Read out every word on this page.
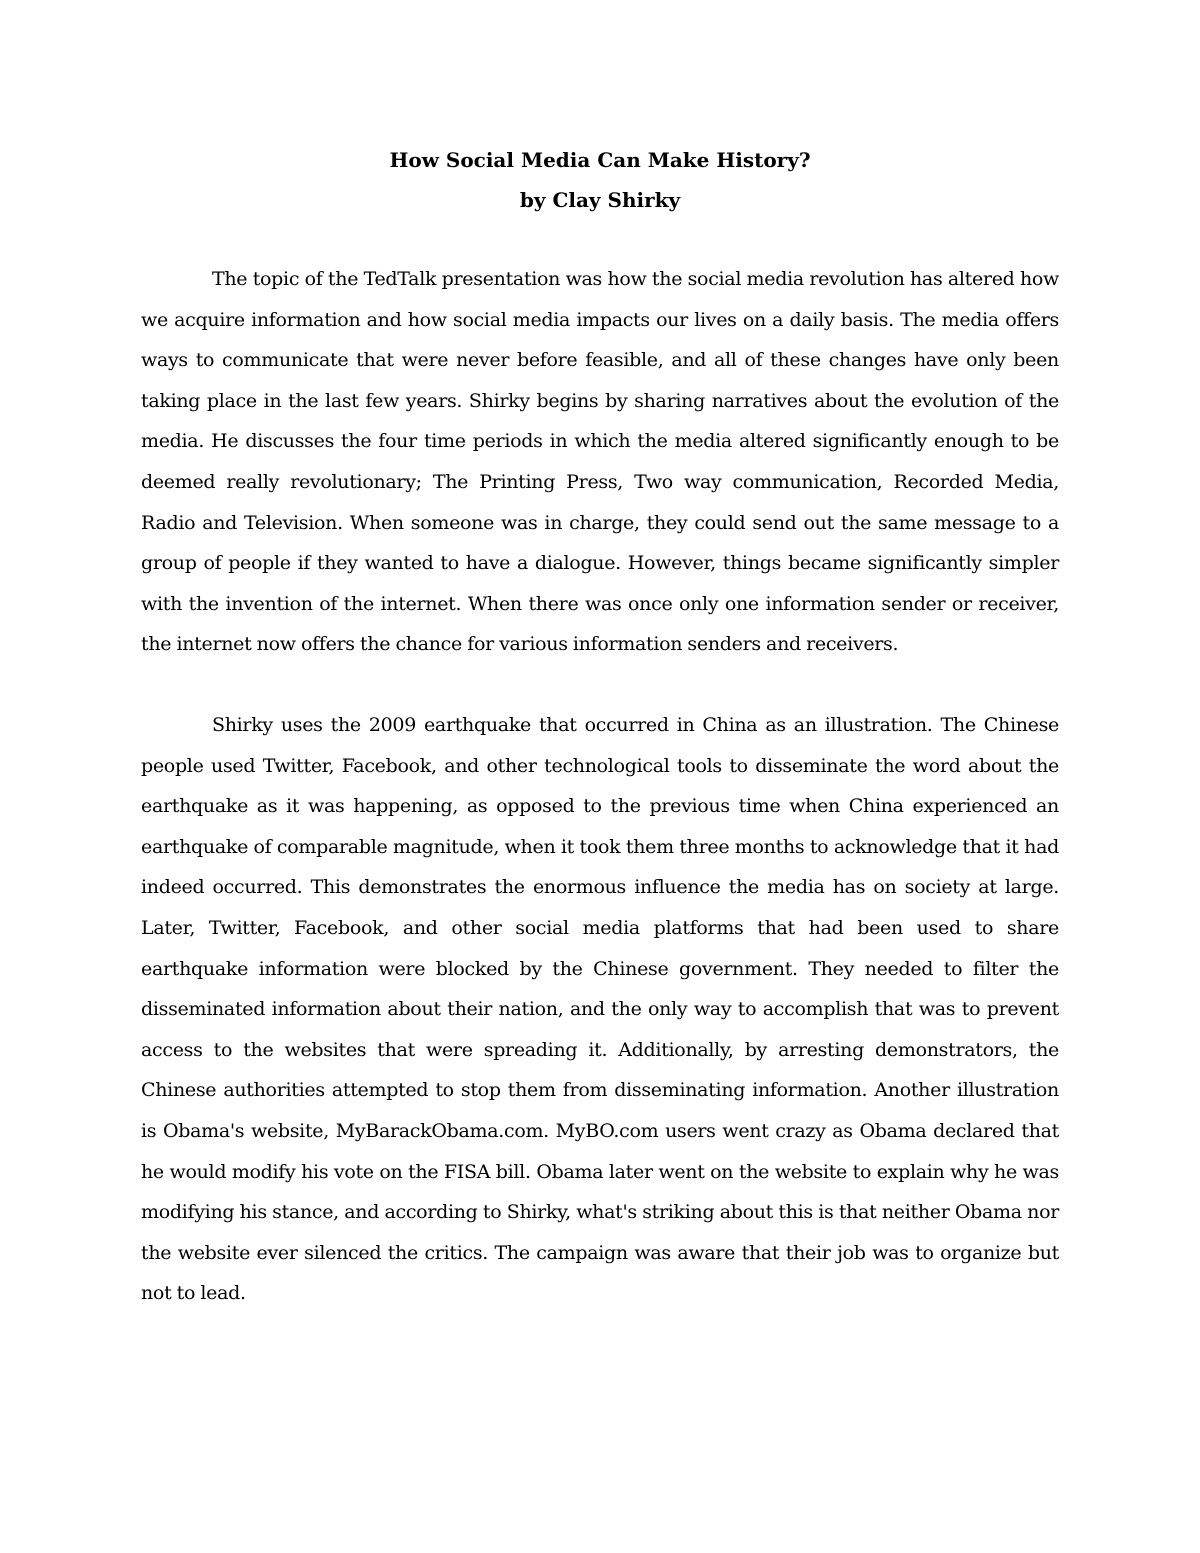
How Social Media Can Make History?
by Clay Shirky

The topic of the TedTalk presentation was how the social media revolution has altered how we acquire information and how social media impacts our lives on a daily basis. The media offers ways to communicate that were never before feasible, and all of these changes have only been taking place in the last few years. Shirky begins by sharing narratives about the evolution of the media. He discusses the four time periods in which the media altered significantly enough to be deemed really revolutionary; The Printing Press, Two way communication, Recorded Media, Radio and Television. When someone was in charge, they could send out the same message to a group of people if they wanted to have a dialogue. However, things became significantly simpler with the invention of the internet. When there was once only one information sender or receiver, the internet now offers the chance for various information senders and receivers.

Shirky uses the 2009 earthquake that occurred in China as an illustration. The Chinese people used Twitter, Facebook, and other technological tools to disseminate the word about the earthquake as it was happening, as opposed to the previous time when China experienced an earthquake of comparable magnitude, when it took them three months to acknowledge that it had indeed occurred. This demonstrates the enormous influence the media has on society at large. Later, Twitter, Facebook, and other social media platforms that had been used to share earthquake information were blocked by the Chinese government. They needed to filter the disseminated information about their nation, and the only way to accomplish that was to prevent access to the websites that were spreading it. Additionally, by arresting demonstrators, the Chinese authorities attempted to stop them from disseminating information. Another illustration is Obama's website, MyBarackObama.com. MyBO.com users went crazy as Obama declared that he would modify his vote on the FISA bill. Obama later went on the website to explain why he was modifying his stance, and according to Shirky, what's striking about this is that neither Obama nor the website ever silenced the critics. The campaign was aware that their job was to organize but not to lead.
